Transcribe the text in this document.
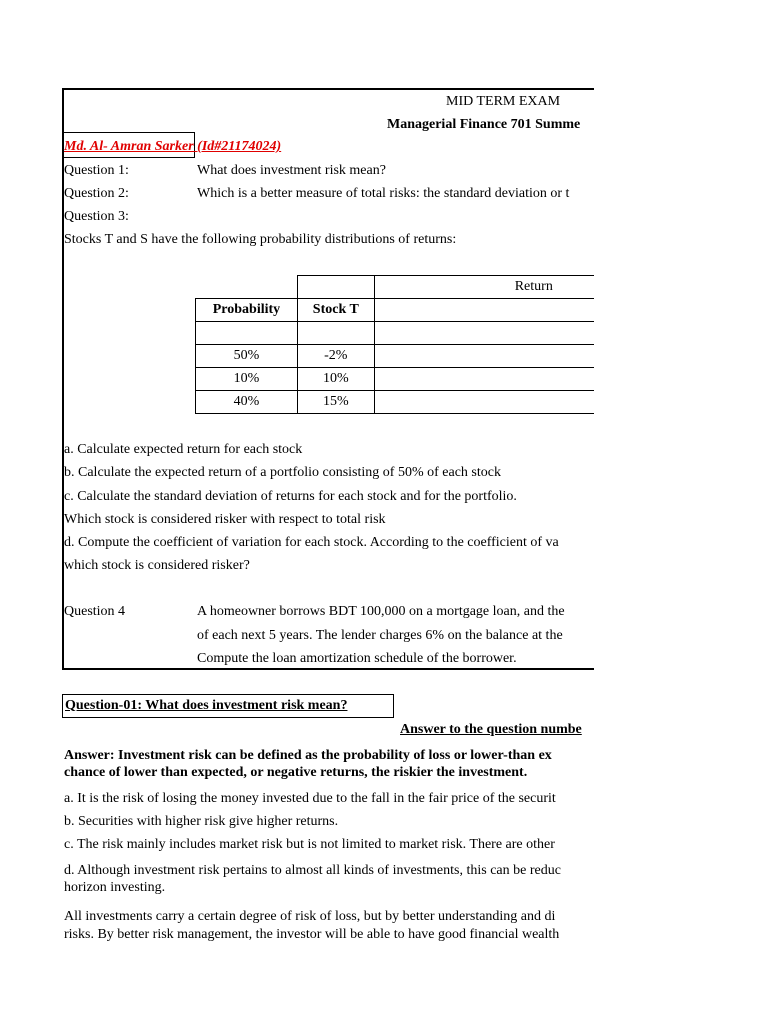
MID TERM EXAM
Managerial Finance 701 Summe
Md. Al- Amran Sarker (Id#21174024)
Question 1:	What does investment risk mean?
Question 2:	Which is a better measure of total risks: the standard deviation or t
Question 3:
Stocks T and S have the following probability distributions of returns:
		Return
Probability	Stock T	

50%	-2%	
10%	10%	
40%	15%	
a. Calculate expected return for each stock
b. Calculate the expected return of a portfolio consisting of 50% of each stock
c. Calculate the standard deviation of returns for each stock and for the portfolio.
Which stock is considered risker with respect to total risk
d. Compute the coefficient of variation for each stock. According to the coefficient of va
which stock is considered risker?
Question 4	A homeowner borrows BDT 100,000 on a mortgage loan, and the
of each next 5 years. The lender charges 6% on the balance at the
Compute the loan amortization schedule of the borrower.
Question-01: What does investment risk mean?
Answer to the question numbe
Answer: Investment risk can be defined as the probability of loss or lower-than ex
chance of lower than expected, or negative returns, the riskier the investment.
a. It is the risk of losing the money invested due to the fall in the fair price of the securit
b. Securities with higher risk give higher returns.
c. The risk mainly includes market risk but is not limited to market risk. There are other
d. Although investment risk pertains to almost all kinds of investments, this can be reduc
horizon investing.
All investments carry a certain degree of risk of loss, but by better understanding and di
risks. By better risk management, the investor will be able to have good financial wealth
